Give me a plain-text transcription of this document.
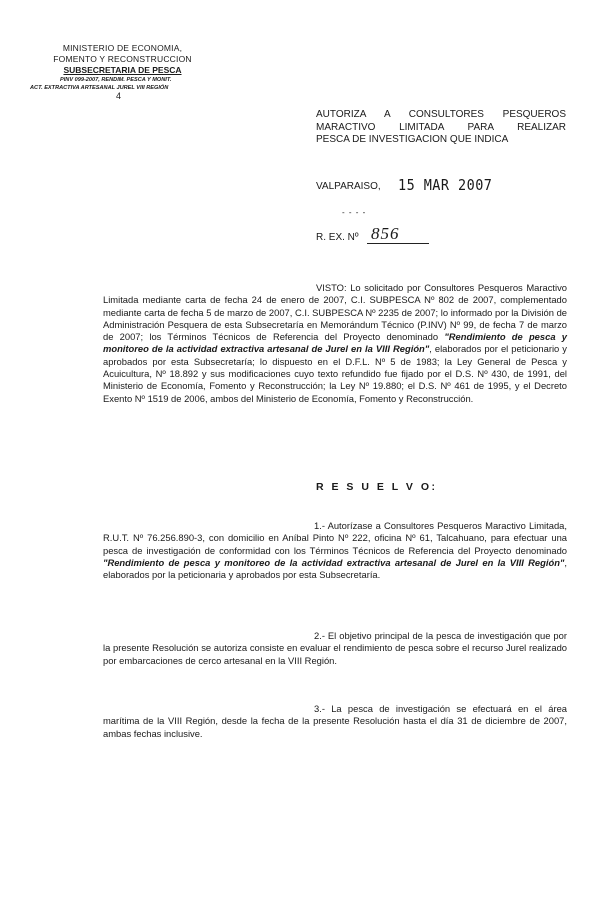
MINISTERIO DE ECONOMIA,
FOMENTO Y RECONSTRUCCION
SUBSECRETARIA DE PESCA
PINV 099-2007, RENDIM. PESCA Y MONIT.
ACT. EXTRACTIVA ARTESANAL JUREL VIII REGIÓN
4
AUTORIZA A CONSULTORES PESQUEROS
MARACTIVO LIMITADA PARA REALIZAR
PESCA DE INVESTIGACION QUE INDICA
VALPARAISO, 15 MAR 2007
- - - -
R. EX. Nº 856
VISTO: Lo solicitado por Consultores Pesqueros Maractivo Limitada mediante carta de fecha 24 de enero de 2007, C.I. SUBPESCA Nº 802 de 2007, complementado mediante carta de fecha 5 de marzo de 2007, C.I. SUBPESCA Nº 2235 de 2007; lo informado por la División de Administración Pesquera de esta Subsecretaría en Memorándum Técnico (P.INV) Nº 99, de fecha 7 de marzo de 2007; los Términos Técnicos de Referencia del Proyecto denominado "Rendimiento de pesca y monitoreo de la actividad extractiva artesanal de Jurel en la VIII Región", elaborados por el peticionario y aprobados por esta Subsecretaría; lo dispuesto en el D.F.L. Nº 5 de 1983; la Ley General de Pesca y Acuicultura, Nº 18.892 y sus modificaciones cuyo texto refundido fue fijado por el D.S. Nº 430, de 1991, del Ministerio de Economía, Fomento y Reconstrucción; la Ley Nº 19.880; el D.S. Nº 461 de 1995, y el Decreto Exento Nº 1519 de 2006, ambos del Ministerio de Economía, Fomento y Reconstrucción.
R E S U E L V O:
1.- Autorízase a Consultores Pesqueros Maractivo Limitada, R.U.T. Nº 76.256.890-3, con domicilio en Aníbal Pinto Nº 222, oficina Nº 61, Talcahuano, para efectuar una pesca de investigación de conformidad con los Términos Técnicos de Referencia del Proyecto denominado "Rendimiento de pesca y monitoreo de la actividad extractiva artesanal de Jurel en la VIII Región", elaborados por la peticionaria y aprobados por esta Subsecretaría.
2.- El objetivo principal de la pesca de investigación que por la presente Resolución se autoriza consiste en evaluar el rendimiento de pesca sobre el recurso Jurel realizado por embarcaciones de cerco artesanal en la VIII Región.
3.- La pesca de investigación se efectuará en el área marítima de la VIII Región, desde la fecha de la presente Resolución hasta el día 31 de diciembre de 2007, ambas fechas inclusive.
